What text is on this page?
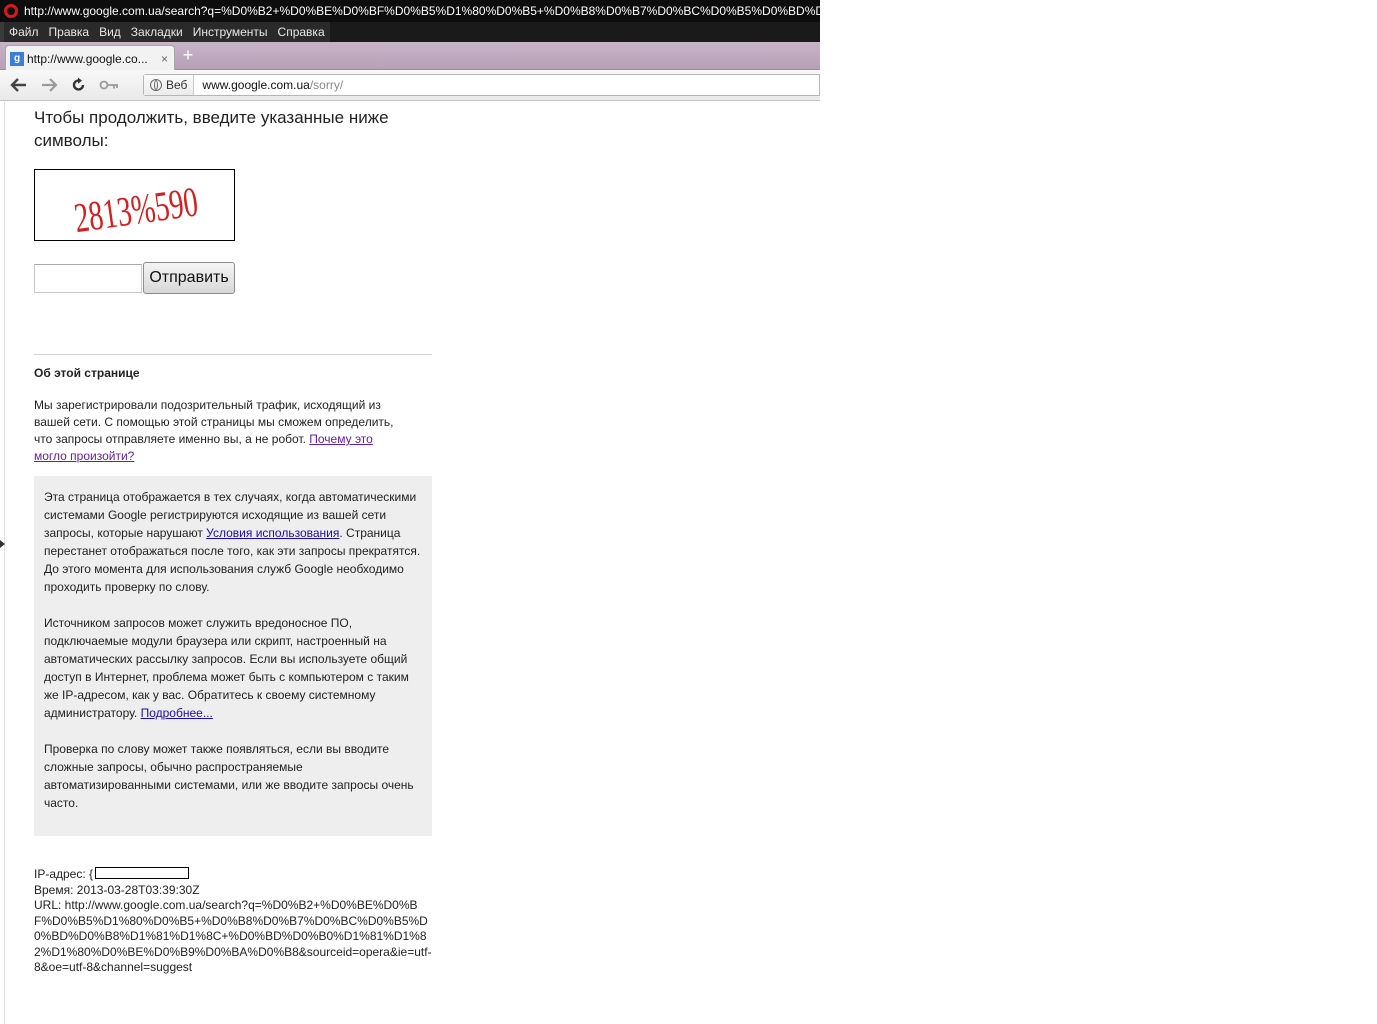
http://www.google.com.ua/search?q=%D0%B2+%D0%BE%D0%BF%D0%B5%D1%80%D0%B5+%D0%B8%D0%B7%D0%BC%D0%B5%D0%BD%D0%B8%D1%81%D1%8C+%D0%BD%D0%B0%D1%81%D1%82%D1%80%D0%BE%D0%B9%D0%BA
Файл Правка Вид Закладки Инструменты Справка
g http://www.google.co...	× +
Веб	www.google.com.ua/sorry/
Чтобы продолжить, введите указанные ниже символы:
2813%590
Отправить
Об этой странице
Мы зарегистрировали подозрительный трафик, исходящий из вашей сети. С помощью этой страницы мы сможем определить, что запросы отправляете именно вы, а не робот. Почему это могло произойти?

Эта страница отображается в тех случаях, когда автоматическими системами Google регистрируются исходящие из вашей сети запросы, которые нарушают Условия использования. Страница перестанет отображаться после того, как эти запросы прекратятся. До этого момента для использования служб Google необходимо проходить проверку по слову.

Источником запросов может служить вредоносное ПО, подключаемые модули браузера или скрипт, настроенный на автоматических рассылку запросов. Если вы используете общий доступ в Интернет, проблема может быть с компьютером с таким же IP-адресом, как у вас. Обратитесь к своему системному администратору. Подробнее...

Проверка по слову может также появляться, если вы вводите сложные запросы, обычно распространяемые автоматизированными системами, или же вводите запросы очень часто.

IP-адрес: {
Время: 2013-03-28T03:39:30Z
URL: http://www.google.com.ua/search?q=%D0%B2+%D0%BE%D0%BF%D0%B5%D1%80%D0%B5+%D0%B8%D0%B7%D0%BC%D0%B5%D0%BD%D0%B8%D1%81%D1%8C+%D0%BD%D0%B0%D1%81%D1%82%D1%80%D0%BE%D0%B9%D0%BA%D0%B8&sourceid=opera&ie=utf-8&oe=utf-8&channel=suggest
